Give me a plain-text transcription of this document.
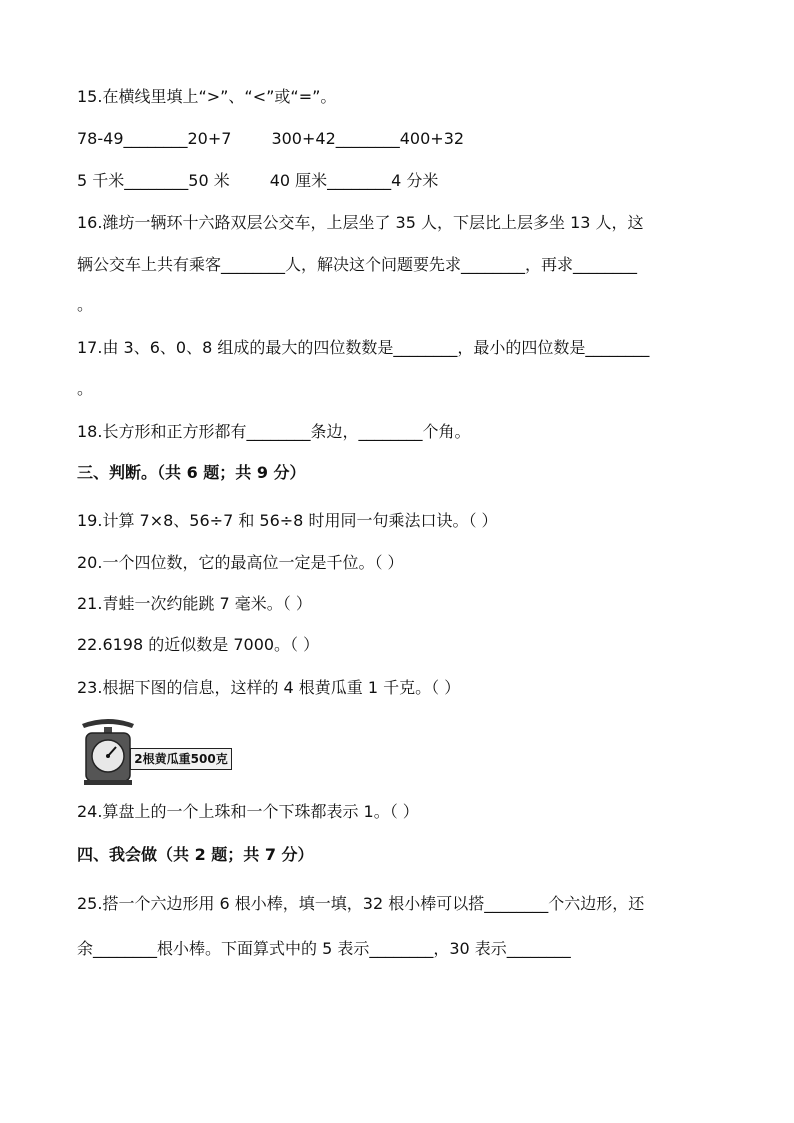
15.在横线里填上“>”、“<”或“=”。
78-49________20+7	300+42________400+32
5 千米________50 米	40 厘米________4 分米
16.潍坊一辆环十六路双层公交车，上层坐了 35 人，下层比上层多坐 13 人，这
辆公交车上共有乘客________人，解决这个问题要先求________，再求________
。
17.由 3、6、0、8 组成的最大的四位数数是________，最小的四位数是________
。
18.长方形和正方形都有________条边，________个角。
三、判断。（共 6 题；共 9 分）
19.计算 7×8、56÷7 和 56÷8 时用同一句乘法口诀。（ ）
20.一个四位数，它的最高位一定是千位。（ ）
21.青蛙一次约能跳 7 毫米。（ ）
22.6198 的近似数是 7000。（ ）
23.根据下图的信息，这样的 4 根黄瓜重 1 千克。（ ）
2根黄瓜重500克
24.算盘上的一个上珠和一个下珠都表示 1。（ ）
四、我会做（共 2 题；共 7 分）
25.搭一个六边形用 6 根小棒，填一填，32 根小棒可以搭________个六边形，还
余________根小棒。下面算式中的 5 表示________，30 表示________
